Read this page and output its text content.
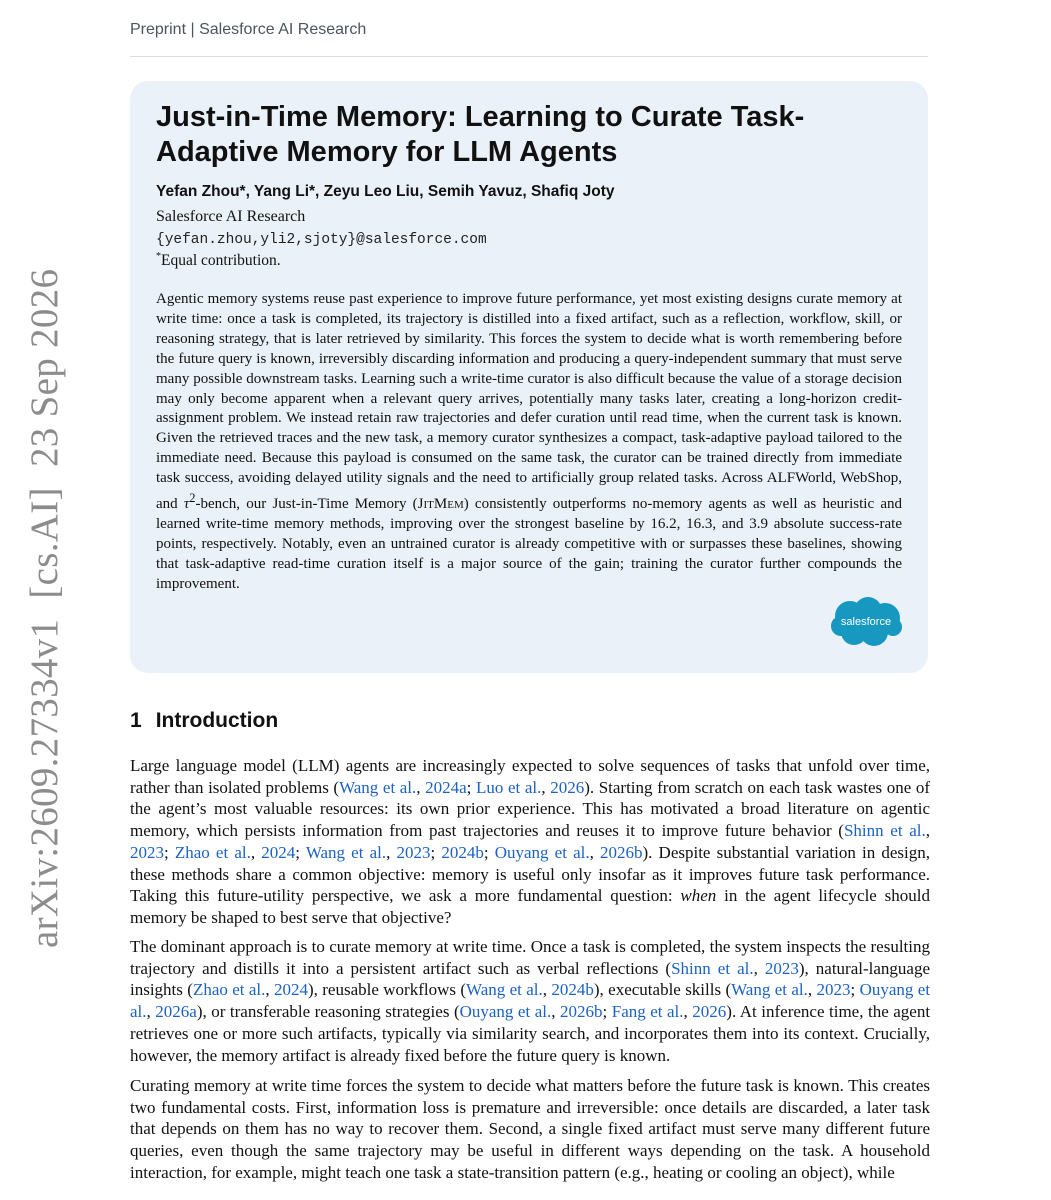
Preprint | Salesforce AI Research
arXiv:2609.27334v1  [cs.AI]  23 Sep 2026
Just-in-Time Memory: Learning to Curate Task-Adaptive Memory for LLM Agents
Yefan Zhou*, Yang Li*, Zeyu Leo Liu, Semih Yavuz, Shafiq Joty
Salesforce AI Research
{yefan.zhou,yli2,sjoty}@salesforce.com
*Equal contribution.
Agentic memory systems reuse past experience to improve future performance, yet most existing designs curate memory at write time: once a task is completed, its trajectory is distilled into a fixed artifact, such as a reflection, workflow, skill, or reasoning strategy, that is later retrieved by similarity. This forces the system to decide what is worth remembering before the future query is known, irreversibly discarding information and producing a query-independent summary that must serve many possible downstream tasks. Learning such a write-time curator is also difficult because the value of a storage decision may only become apparent when a relevant query arrives, potentially many tasks later, creating a long-horizon credit-assignment problem. We instead retain raw trajectories and defer curation until read time, when the current task is known. Given the retrieved traces and the new task, a memory curator synthesizes a compact, task-adaptive payload tailored to the immediate need. Because this payload is consumed on the same task, the curator can be trained directly from immediate task success, avoiding delayed utility signals and the need to artificially group related tasks. Across ALFWorld, WebShop, and $\tau^2$-bench, our Just-in-Time Memory (JitMem) consistently outperforms no-memory agents as well as heuristic and learned write-time memory methods, improving over the strongest baseline by 16.2, 16.3, and 3.9 absolute success-rate points, respectively. Notably, even an untrained curator is already competitive with or surpasses these baselines, showing that task-adaptive read-time curation itself is a major source of the gain; training the curator further compounds the improvement.
salesforce
1 Introduction

Large language model (LLM) agents are increasingly expected to solve sequences of tasks that unfold over time, rather than isolated problems (Wang et al., 2024a; Luo et al., 2026). Starting from scratch on each task wastes one of the agent’s most valuable resources: its own prior experience. This has motivated a broad literature on agentic memory, which persists information from past trajectories and reuses it to improve future behavior (Shinn et al., 2023; Zhao et al., 2024; Wang et al., 2023; 2024b; Ouyang et al., 2026b). Despite substantial variation in design, these methods share a common objective: memory is useful only insofar as it improves future task performance. Taking this future-utility perspective, we ask a more fundamental question: when in the agent lifecycle should memory be shaped to best serve that objective?

The dominant approach is to curate memory at write time. Once a task is completed, the system inspects the resulting trajectory and distills it into a persistent artifact such as verbal reflections (Shinn et al., 2023), natural-language insights (Zhao et al., 2024), reusable workflows (Wang et al., 2024b), executable skills (Wang et al., 2023; Ouyang et al., 2026a), or transferable reasoning strategies (Ouyang et al., 2026b; Fang et al., 2026). At inference time, the agent retrieves one or more such artifacts, typically via similarity search, and incorporates them into its context. Crucially, however, the memory artifact is already fixed before the future query is known.

Curating memory at write time forces the system to decide what matters before the future task is known. This creates two fundamental costs. First, information loss is premature and irreversible: once details are discarded, a later task that depends on them has no way to recover them. Second, a single fixed artifact must serve many different future queries, even though the same trajectory may be useful in different ways depending on the task. A household interaction, for example, might teach one task a state-transition pattern (e.g., heating or cooling an object), while
